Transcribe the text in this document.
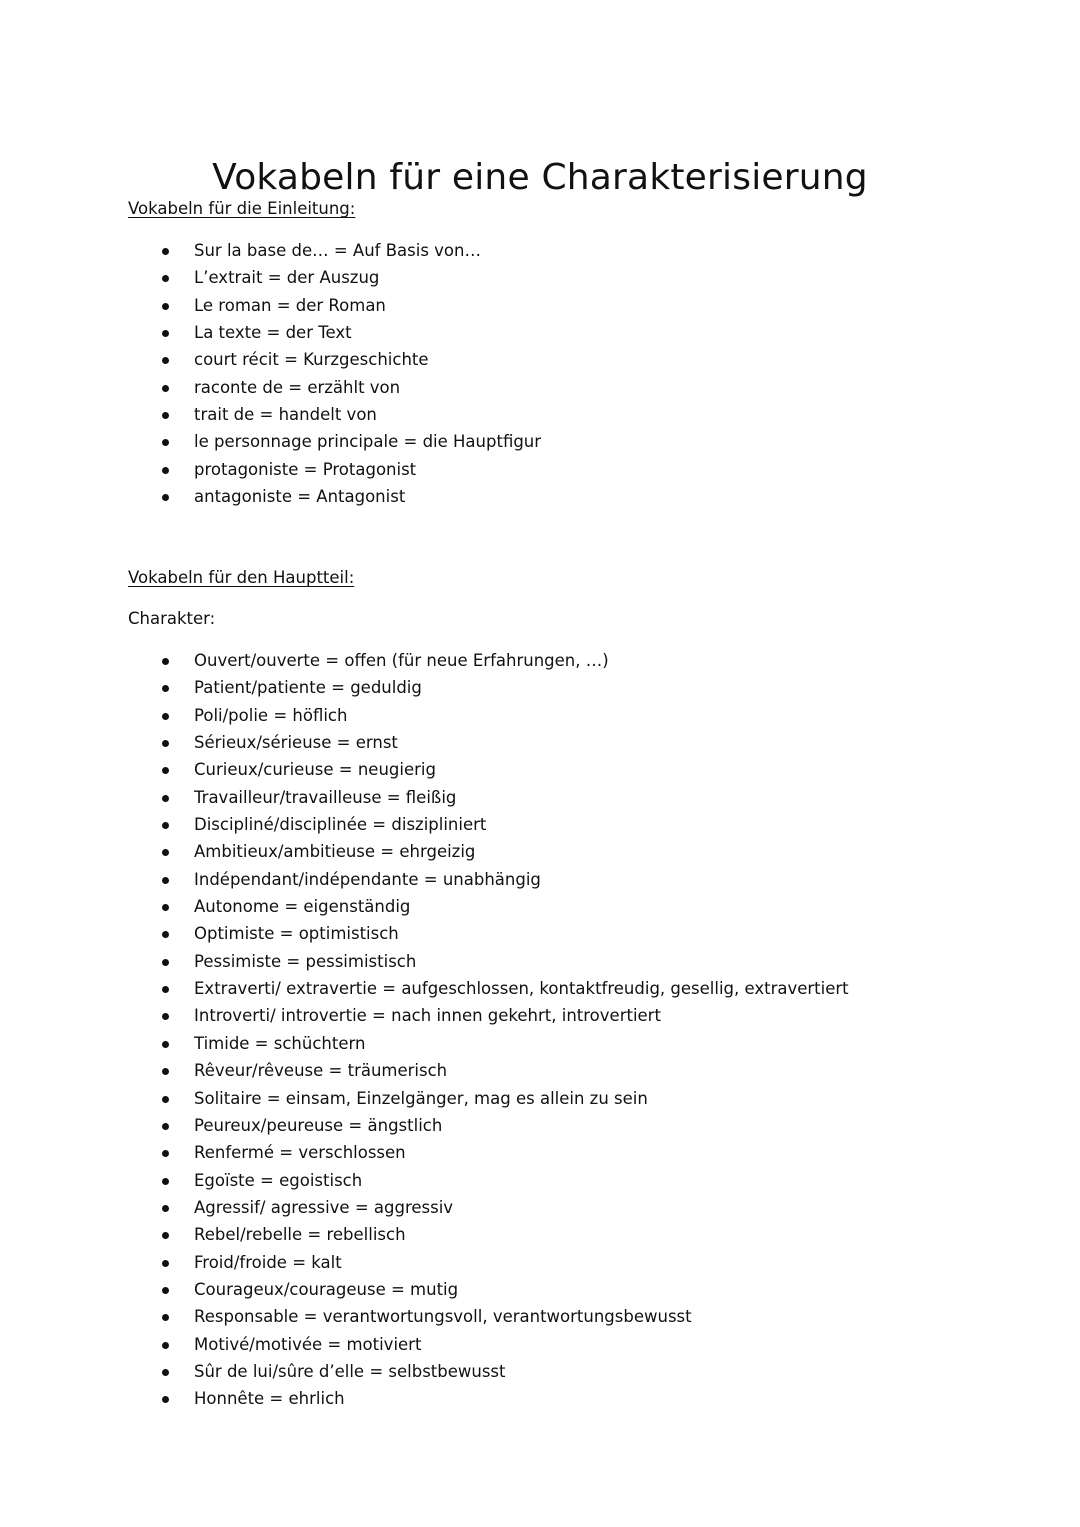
Vokabeln für eine Charakterisierung
Vokabeln für die Einleitung:
Sur la base de… = Auf Basis von…
L’extrait = der Auszug
Le roman = der Roman
La texte = der Text
court récit = Kurzgeschichte
raconte de = erzählt von
trait de = handelt von
le personnage principale = die Hauptfigur
protagoniste = Protagonist
antagoniste = Antagonist
Vokabeln für den Hauptteil:
Charakter:
Ouvert/ouverte = offen (für neue Erfahrungen, …)
Patient/patiente = geduldig
Poli/polie = höflich
Sérieux/sérieuse = ernst
Curieux/curieuse = neugierig
Travailleur/travailleuse = fleißig
Discipliné/disciplinée = diszipliniert
Ambitieux/ambitieuse = ehrgeizig
Indépendant/indépendante = unabhängig
Autonome = eigenständig
Optimiste = optimistisch
Pessimiste = pessimistisch
Extraverti/ extravertie = aufgeschlossen, kontaktfreudig, gesellig, extravertiert
Introverti/ introvertie = nach innen gekehrt, introvertiert
Timide = schüchtern
Rêveur/rêveuse = träumerisch
Solitaire = einsam, Einzelgänger, mag es allein zu sein
Peureux/peureuse = ängstlich
Renfermé = verschlossen
Egoïste = egoistisch
Agressif/ agressive = aggressiv
Rebel/rebelle = rebellisch
Froid/froide = kalt
Courageux/courageuse = mutig
Responsable = verantwortungsvoll, verantwortungsbewusst
Motivé/motivée = motiviert
Sûr de lui/sûre d’elle = selbstbewusst
Honnête = ehrlich
